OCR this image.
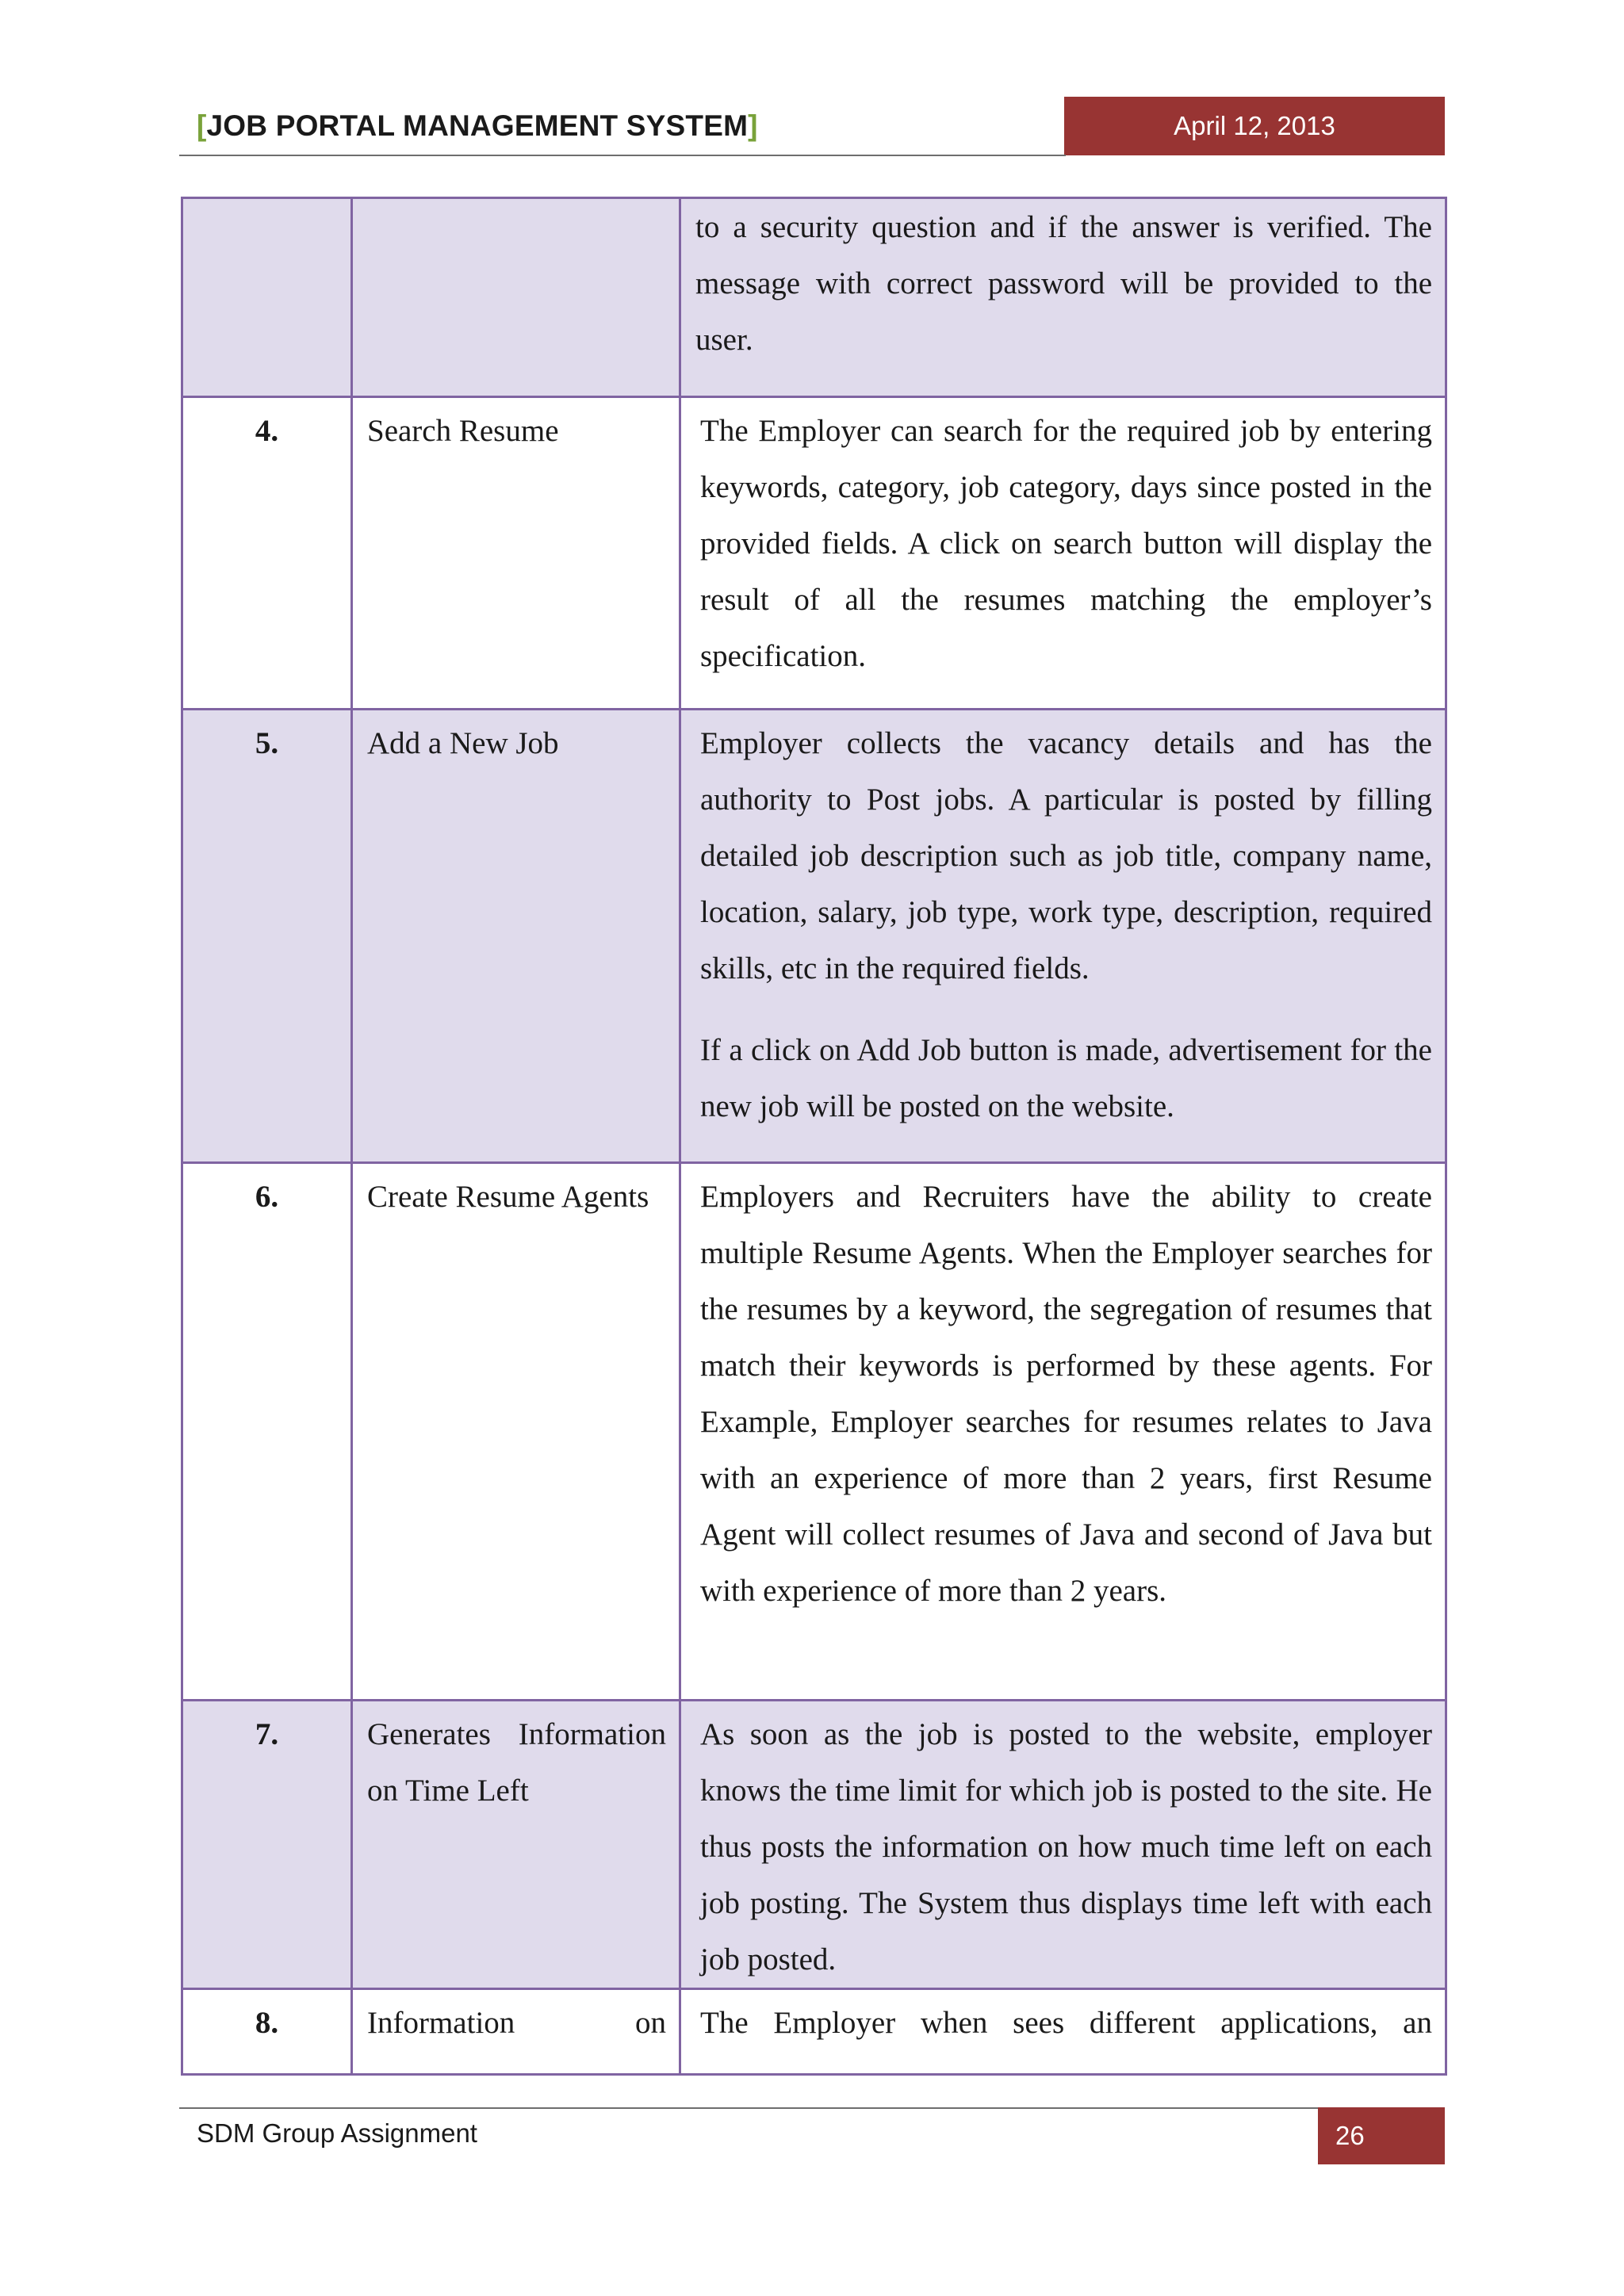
[JOB PORTAL MANAGEMENT SYSTEM]	April 12, 2013

		to a security question and if the answer is verified. The message with correct password will be provided to the user.

4.	Search Resume	The Employer can search for the required job by entering keywords, category, job category, days since posted in the provided fields. A click on search button will display the result of all the resumes matching the employer’s specification.

5.	Add a New Job	Employer collects the vacancy details and has the authority to Post jobs. A particular is posted by filling detailed job description such as job title, company name, location, salary, job type, work type, description, required skills, etc in the required fields.

If a click on Add Job button is made, advertisement for the new job will be posted on the website.

6.	Create Resume Agents	Employers and Recruiters have the ability to create multiple Resume Agents. When the Employer searches for the resumes by a keyword, the segregation of resumes that match their keywords is performed by these agents. For Example, Employer searches for resumes relates to Java with an experience of more than 2 years, first Resume Agent will collect resumes of Java and second of Java but with experience of more than 2 years.

7.	Generates Information on Time Left	As soon as the job is posted to the website, employer knows the time limit for which job is posted to the site. He thus posts the information on how much time left on each job posting. The System thus displays time left with each job posted.

8.	Information on	The Employer when sees different applications, an

SDM Group Assignment	26
